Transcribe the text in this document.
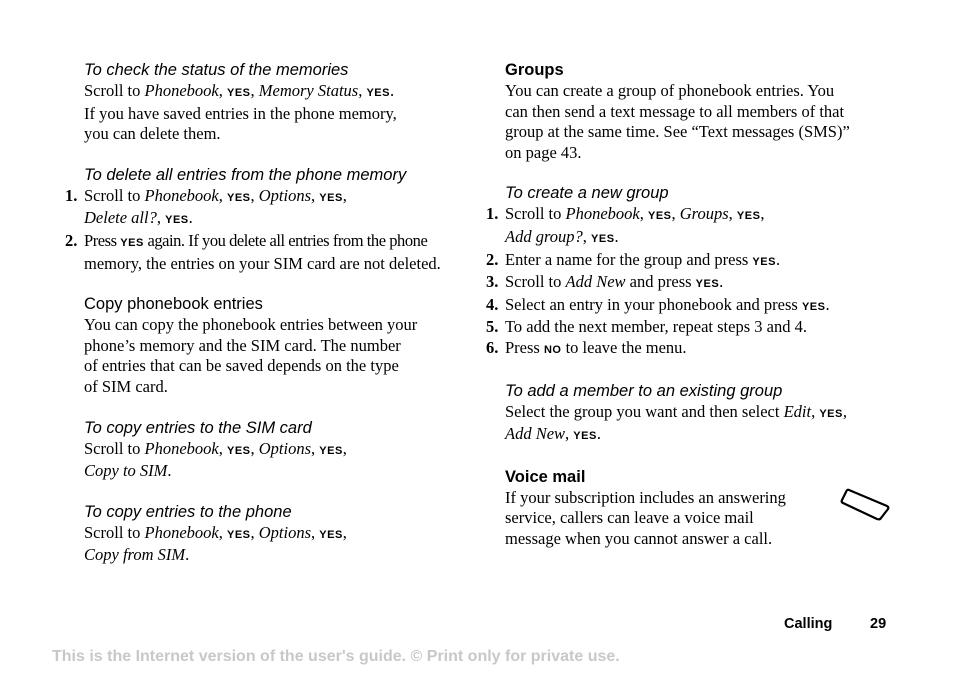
To check the status of the memories

Scroll to Phonebook, YES, Memory Status, YES.

If you have saved entries in the phone memory,

you can delete them.

To delete all entries from the phone memory

1. Scroll to Phonebook, YES, Options, YES,
Delete all?, YES.
2. Press YES again. If you delete all entries from the phone
memory, the entries on your SIM card are not deleted.

Copy phonebook entries

You can copy the phonebook entries between your

phone’s memory and the SIM card. The number

of entries that can be saved depends on the type

of SIM card.

To copy entries to the SIM card

Scroll to Phonebook, YES, Options, YES,

Copy to SIM.

To copy entries to the phone

Scroll to Phonebook, YES, Options, YES,

Copy from SIM.

Groups

You can create a group of phonebook entries. You

can then send a text message to all members of that

group at the same time. See “Text messages (SMS)”

on page 43.

To create a new group

1. Scroll to Phonebook, YES, Groups, YES,
Add group?, YES.
2. Enter a name for the group and press YES.
3. Scroll to Add New and press YES.
4. Select an entry in your phonebook and press YES.
5. To add the next member, repeat steps 3 and 4.
6. Press NO to leave the menu.

To add a member to an existing group

Select the group you want and then select Edit, YES,

Add New, YES.

Voice mail

If your subscription includes an answering

service, callers can leave a voice mail

message when you cannot answer a call.

Calling	29
This is the Internet version of the user's guide. © Print only for private use.
